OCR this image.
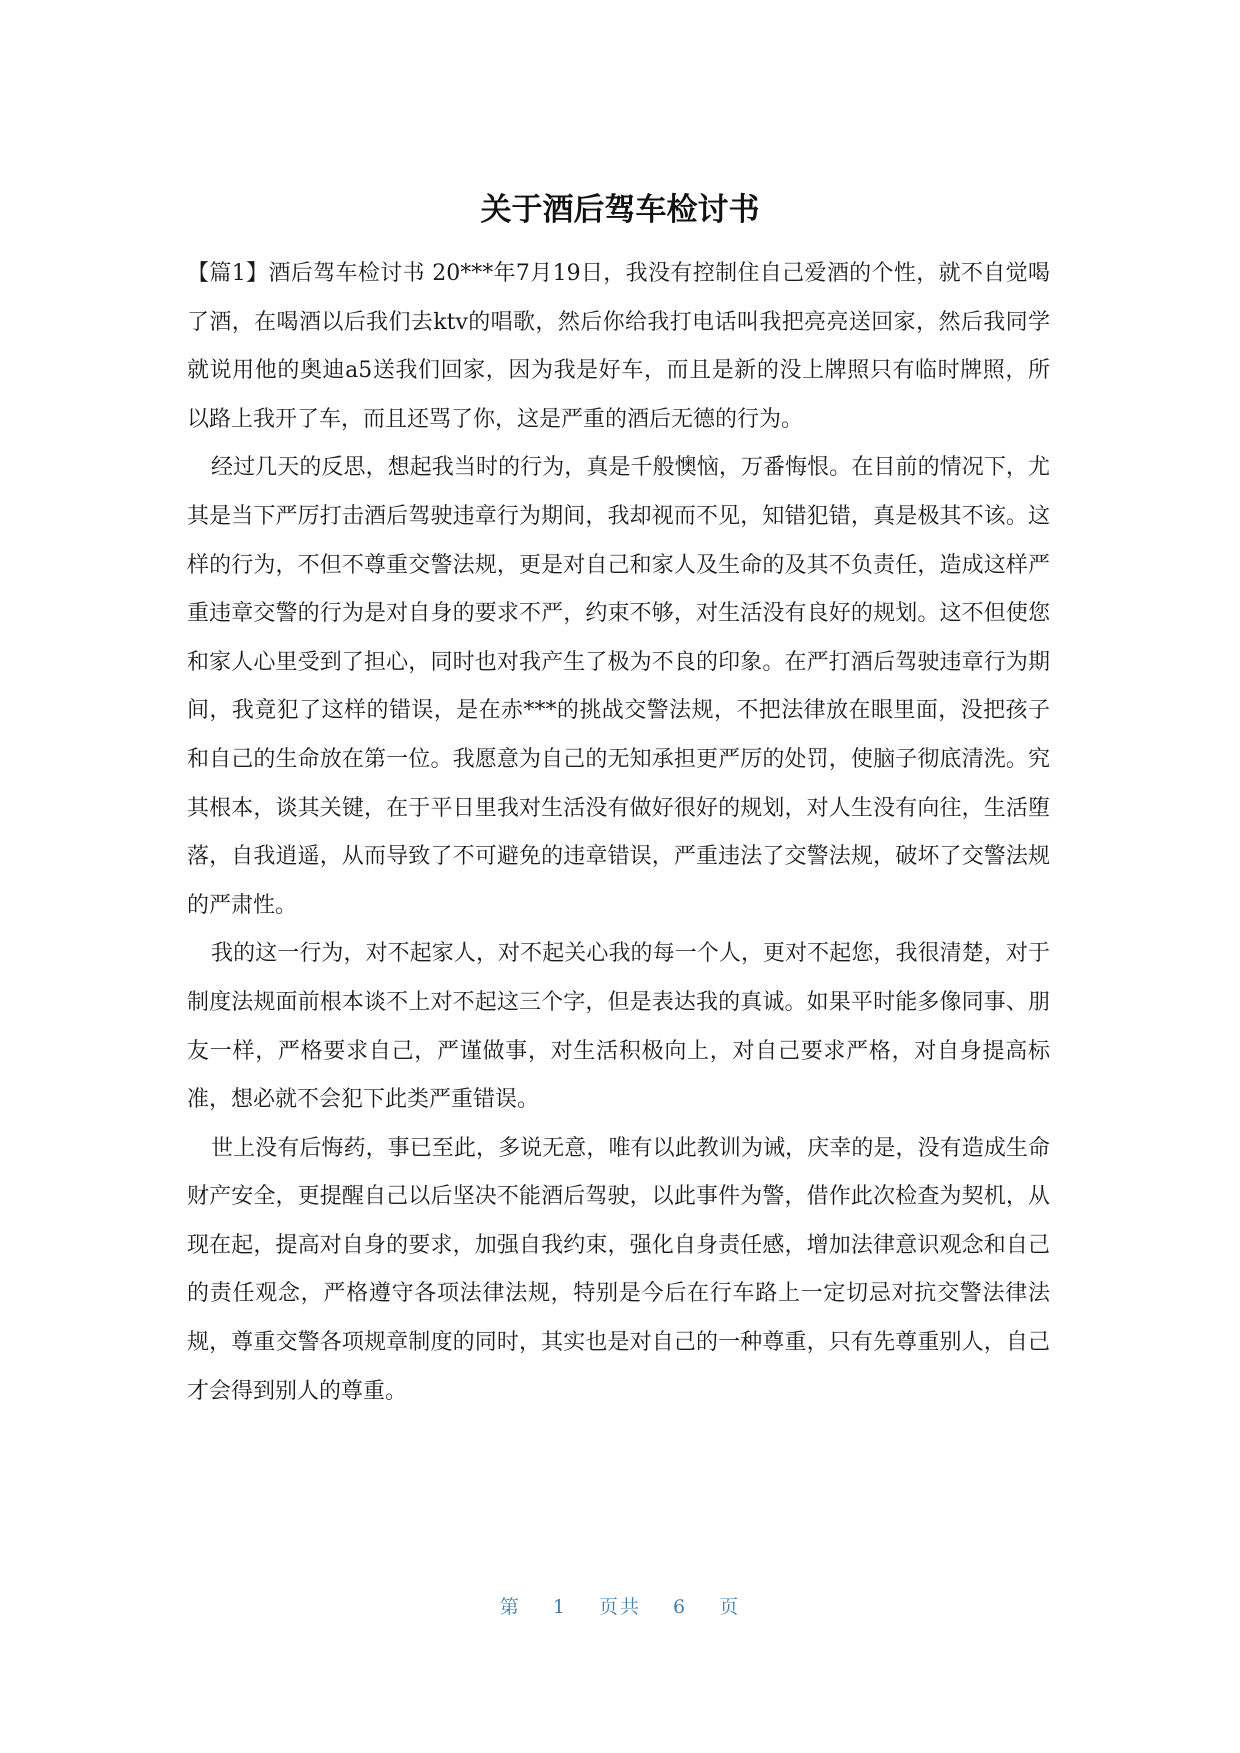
关于酒后驾车检讨书

【篇1】酒后驾车检讨书 20***年7月19日，我没有控制住自己爱酒的个性，就不自觉喝了酒，在喝酒以后我们去ktv的唱歌，然后你给我打电话叫我把亮亮送回家，然后我同学就说用他的奥迪a5送我们回家，因为我是好车，而且是新的没上牌照只有临时牌照，所以路上我开了车，而且还骂了你，这是严重的酒后无德的行为。

经过几天的反思，想起我当时的行为，真是千般懊恼，万番悔恨。在目前的情况下，尤其是当下严厉打击酒后驾驶违章行为期间，我却视而不见，知错犯错，真是极其不该。这样的行为，不但不尊重交警法规，更是对自己和家人及生命的及其不负责任，造成这样严重违章交警的行为是对自身的要求不严，约束不够，对生活没有良好的规划。这不但使您和家人心里受到了担心，同时也对我产生了极为不良的印象。在严打酒后驾驶违章行为期间，我竟犯了这样的错误，是在赤***的挑战交警法规，不把法律放在眼里面，没把孩子和自己的生命放在第一位。我愿意为自己的无知承担更严厉的处罚，使脑子彻底清洗。究其根本，谈其关键，在于平日里我对生活没有做好很好的规划，对人生没有向往，生活堕落，自我逍遥，从而导致了不可避免的违章错误，严重违法了交警法规，破坏了交警法规的严肃性。

我的这一行为，对不起家人，对不起关心我的每一个人，更对不起您，我很清楚，对于制度法规面前根本谈不上对不起这三个字，但是表达我的真诚。如果平时能多像同事、朋友一样，严格要求自己，严谨做事，对生活积极向上，对自己要求严格，对自身提高标准，想必就不会犯下此类严重错误。

世上没有后悔药，事已至此，多说无意，唯有以此教训为诫，庆幸的是，没有造成生命财产安全，更提醒自己以后坚决不能酒后驾驶，以此事件为警，借作此次检查为契机，从现在起，提高对自身的要求，加强自我约束，强化自身责任感，增加法律意识观念和自己的责任观念，严格遵守各项法律法规，特别是今后在行车路上一定切忌对抗交警法律法规，尊重交警各项规章制度的同时，其实也是对自己的一种尊重，只有先尊重别人，自己才会得到别人的尊重。

第 1 页共 6 页
